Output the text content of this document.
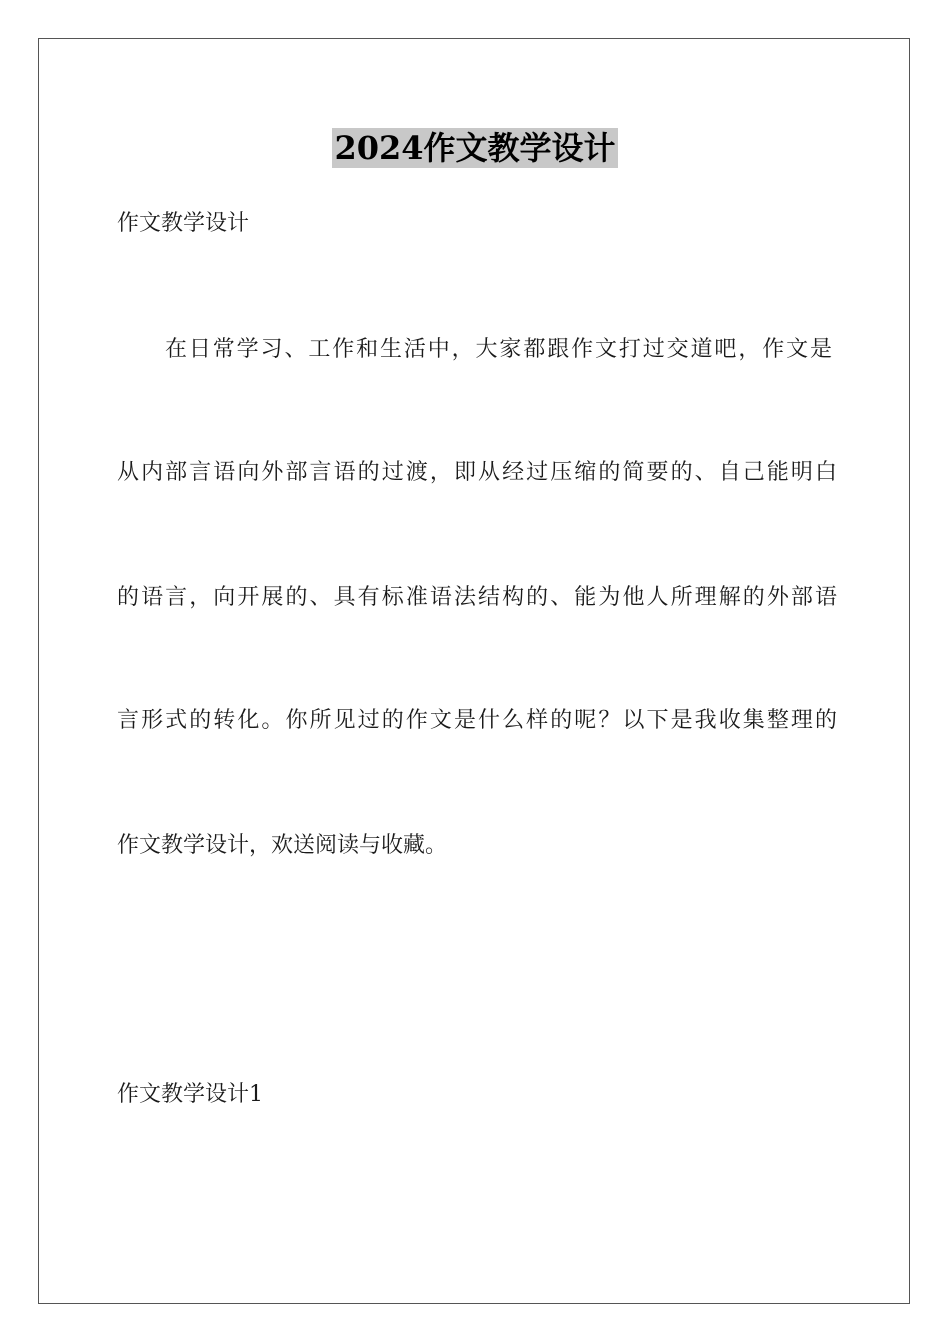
2024作文教学设计
作文教学设计
在日常学习、工作和生活中，大家都跟作文打过交道吧，作文是
从内部言语向外部言语的过渡，即从经过压缩的简要的、自己能明白
的语言，向开展的、具有标准语法结构的、能为他人所理解的外部语
言形式的转化。你所见过的作文是什么样的呢？以下是我收集整理的
作文教学设计，欢送阅读与收藏。
作文教学设计1
